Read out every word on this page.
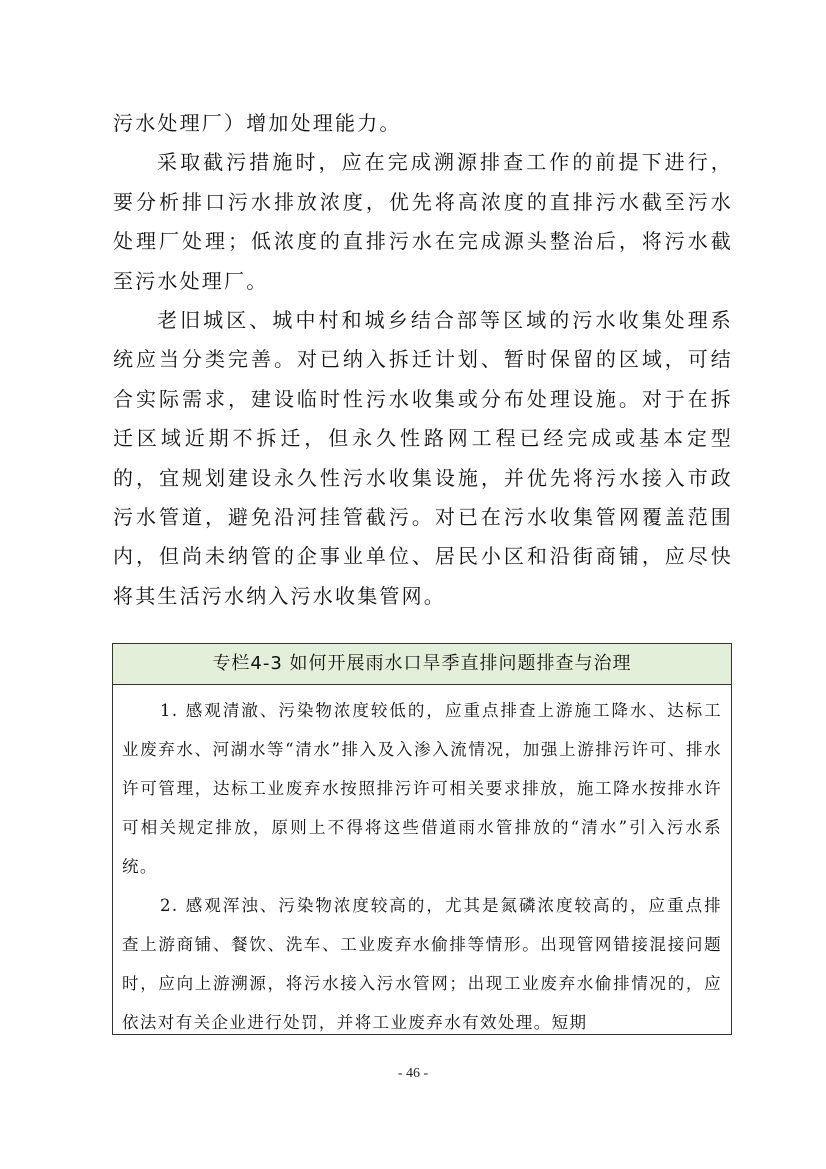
污水处理厂）增加处理能力。

采取截污措施时，应在完成溯源排查工作的前提下进行，要分析排口污水排放浓度，优先将高浓度的直排污水截至污水处理厂处理；低浓度的直排污水在完成源头整治后，将污水截至污水处理厂。

老旧城区、城中村和城乡结合部等区域的污水收集处理系统应当分类完善。对已纳入拆迁计划、暂时保留的区域，可结合实际需求，建设临时性污水收集或分布处理设施。对于在拆迁区域近期不拆迁，但永久性路网工程已经完成或基本定型的，宜规划建设永久性污水收集设施，并优先将污水接入市政污水管道，避免沿河挂管截污。对已在污水收集管网覆盖范围内，但尚未纳管的企事业单位、居民小区和沿街商铺，应尽快将其生活污水纳入污水收集管网。

专栏4-3 如何开展雨水口旱季直排问题排查与治理

1. 感观清澈、污染物浓度较低的，应重点排查上游施工降水、达标工业废弃水、河湖水等“清水”排入及入渗入流情况，加强上游排污许可、排水许可管理，达标工业废弃水按照排污许可相关要求排放，施工降水按排水许可相关规定排放，原则上不得将这些借道雨水管排放的“清水”引入污水系统。

2. 感观浑浊、污染物浓度较高的，尤其是氮磷浓度较高的，应重点排查上游商铺、餐饮、洗车、工业废弃水偷排等情形。出现管网错接混接问题时，应向上游溯源，将污水接入污水管网；出现工业废弃水偷排情况的，应依法对有关企业进行处罚，并将工业废弃水有效处理。短期

- 46 -
